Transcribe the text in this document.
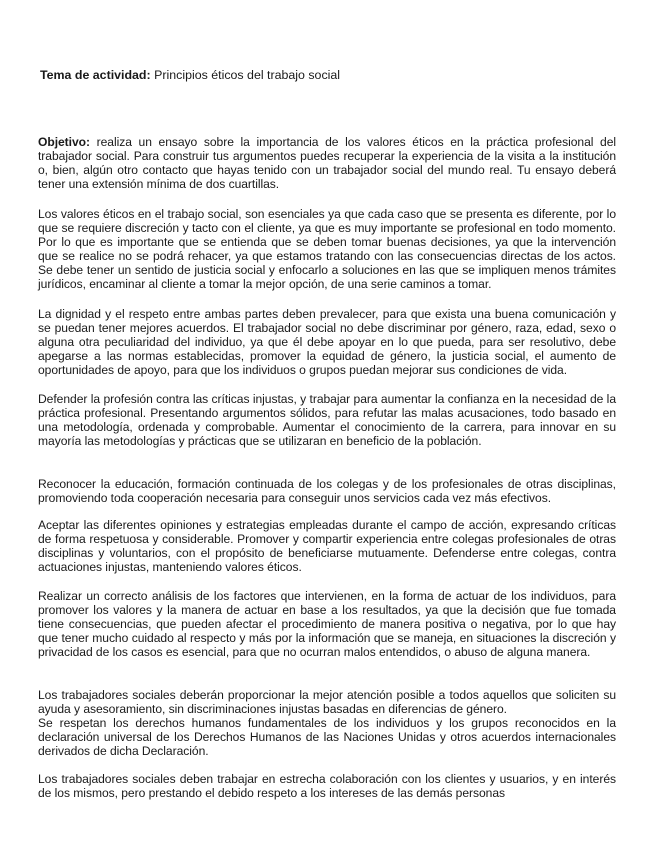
Tema de actividad: Principios éticos del trabajo social
Objetivo: realiza un ensayo sobre la importancia de los valores éticos en la práctica profesional del trabajador social. Para construir tus argumentos puedes recuperar la experiencia de la visita a la institución o, bien, algún otro contacto que hayas tenido con un trabajador social del mundo real. Tu ensayo deberá tener una extensión mínima de dos cuartillas.
Los valores éticos en el trabajo social, son esenciales ya que cada caso que se presenta es diferente, por lo que se requiere discreción y tacto con el cliente, ya que es muy importante se profesional en todo momento. Por lo que es importante que se entienda que se deben tomar buenas decisiones, ya que la intervención que se realice no se podrá rehacer, ya que estamos tratando con las consecuencias directas de los actos. Se debe tener un sentido de justicia social y enfocarlo a soluciones en las que se impliquen menos trámites jurídicos, encaminar al cliente a tomar la mejor opción, de una serie caminos a tomar.
La dignidad y el respeto entre ambas partes deben prevalecer, para que exista una buena comunicación y se puedan tener mejores acuerdos. El trabajador social no debe discriminar por género, raza, edad, sexo o alguna otra peculiaridad del individuo, ya que él debe apoyar en lo que pueda, para ser resolutivo, debe apegarse a las normas establecidas, promover la equidad de género, la justicia social, el aumento de oportunidades de apoyo, para que los individuos o grupos puedan mejorar sus condiciones de vida.
Defender la profesión contra las críticas injustas, y trabajar para aumentar la confianza en la necesidad de la práctica profesional. Presentando argumentos sólidos, para refutar las malas acusaciones, todo basado en una metodología, ordenada y comprobable. Aumentar el conocimiento de la carrera, para innovar en su mayoría las metodologías y prácticas que se utilizaran en beneficio de la población.
Reconocer la educación, formación continuada de los colegas y de los profesionales de otras disciplinas, promoviendo toda cooperación necesaria para conseguir unos servicios cada vez más efectivos.
Aceptar las diferentes opiniones y estrategias empleadas durante el campo de acción, expresando críticas de forma respetuosa y considerable. Promover y compartir experiencia entre colegas profesionales de otras disciplinas y voluntarios, con el propósito de beneficiarse mutuamente. Defenderse entre colegas, contra actuaciones injustas, manteniendo valores éticos.
Realizar un correcto análisis de los factores que intervienen, en la forma de actuar de los individuos, para promover los valores y la manera de actuar en base a los resultados, ya que la decisión que fue tomada tiene consecuencias, que pueden afectar el procedimiento de manera positiva o negativa, por lo que hay que tener mucho cuidado al respecto y más por la información que se maneja, en situaciones la discreción y privacidad de los casos es esencial, para que no ocurran malos entendidos, o abuso de alguna manera.
Los trabajadores sociales deberán proporcionar la mejor atención posible a todos aquellos que soliciten su ayuda y asesoramiento, sin discriminaciones injustas basadas en diferencias de género.
Se respetan los derechos humanos fundamentales de los individuos y los grupos reconocidos en la declaración universal de los Derechos Humanos de las Naciones Unidas y otros acuerdos internacionales derivados de dicha Declaración.
Los trabajadores sociales deben trabajar en estrecha colaboración con los clientes y usuarios, y en interés de los mismos, pero prestando el debido respeto a los intereses de las demás personas
